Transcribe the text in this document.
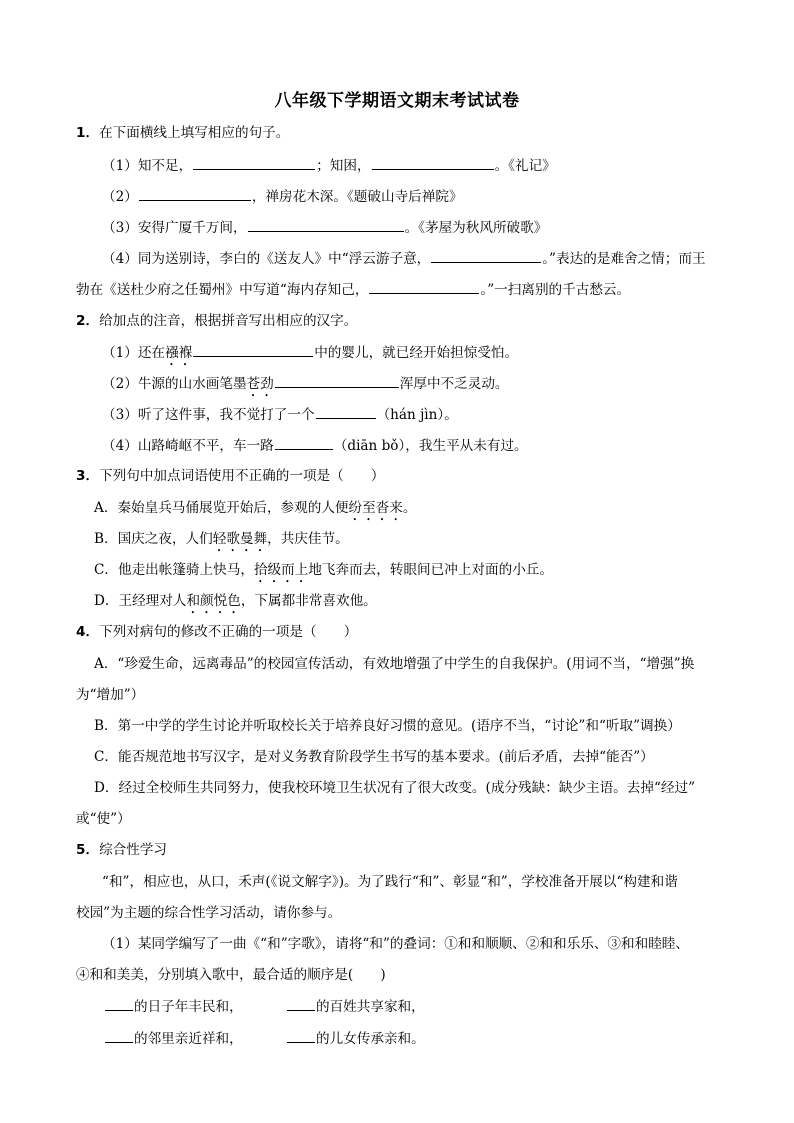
八年级下学期语文期末考试试卷
1．在下面横线上填写相应的句子。
（1）知不足，	；知困，	。《礼记》
（2）	，禅房花木深。《题破山寺后禅院》
（3）安得广厦千万间，	。《茅屋为秋风所破歌》
（4）同为送别诗，李白的《送友人》中“浮云游子意，	。”表达的是难舍之情；而王
勃在《送杜少府之任蜀州》中写道“海内存知己，	。”一扫离别的千古愁云。
2．给加点的注音，根据拼音写出相应的汉字。
（1）还在襁褓	中的婴儿，就已经开始担惊受怕。
（2）牛源的山水画笔墨苍劲	浑厚中不乏灵动。
（3）听了这件事，我不觉打了一个	（hán jìn）。
（4）山路崎岖不平，车一路	（diān bǒ），我生平从未有过。
3．下列句中加点词语使用不正确的一项是（　　）
A．秦始皇兵马俑展览开始后，参观的人便纷至沓来。
B．国庆之夜，人们轻歌曼舞，共庆佳节。
C．他走出帐篷骑上快马，拾级而上地飞奔而去，转眼间已冲上对面的小丘。
D．王经理对人和颜悦色，下属都非常喜欢他。
4．下列对病句的修改不正确的一项是（　　）
A．“珍爱生命，远离毒品”的校园宣传活动，有效地增强了中学生的自我保护。(用词不当，“增强”换
为“增加”）
B．第一中学的学生讨论并听取校长关于培养良好习惯的意见。(语序不当，“讨论”和“听取”调换）
C．能否规范地书写汉字，是对义务教育阶段学生书写的基本要求。(前后矛盾，去掉“能否”）
D．经过全校师生共同努力，使我校环境卫生状况有了很大改变。(成分残缺：缺少主语。去掉“经过”
或“使”）
5．综合性学习
“和”，相应也，从口，禾声(《说文解字》)。为了践行“和”、彰显“和”，学校准备开展以“构建和谐
校园”为主题的综合性学习活动，请你参与。
（1）某同学编写了一曲《“和”字歌》，请将“和”的叠词：①和和顺顺、②和和乐乐、③和和睦睦、
④和和美美，分别填入歌中，最合适的顺序是(　　)
的日子年丰民和，	的百姓共享家和，
的邻里亲近祥和，	的儿女传承亲和。
